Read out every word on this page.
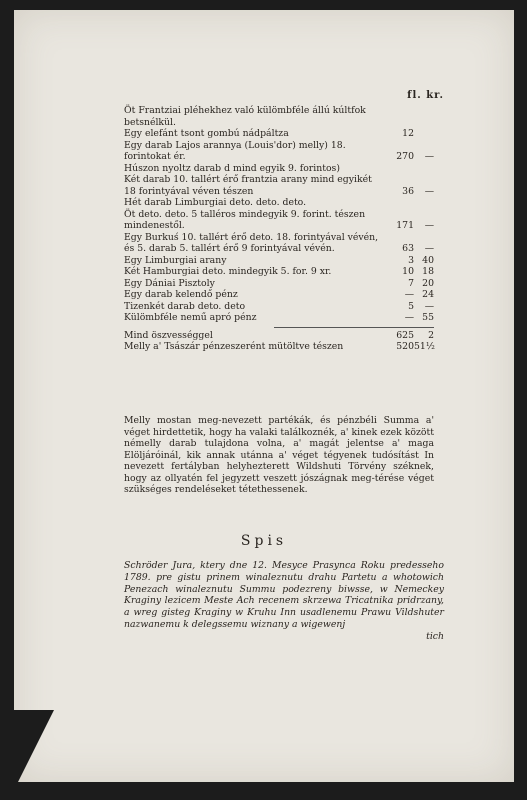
fl. kr.
Öt Frantziai pléhekhez való külömbféle állú kúltfok betsnélkül.
Egy elefánt tsont gombú nádpáltza	12
Egy darab Lajos arannya (Louis'dor) melly) 18. forintokat ér.	270	—
Húszon nyoltz darab d mind egyik 9. forintos)
Két darab 10. tallért érő frantzia arany mind egyikét 18 forintyával véven tészen	36	—
Hét darab Limburgiai deto. deto. deto.
Öt deto. deto. 5 talléros mindegyik 9. forint. tészen mindenestől.	171	—
Egy Burkuś 10. tallért érő deto. 18. forintyával vévén, és 5. darab 5. tallért érő 9 forintyával vévén.	63	—
Egy Limburgiai arany	3 40
Két Hamburgiai deto. mindegyik 5. for. 9 xr.	10 18
Egy Dániai Pisztoly	7 20
Egy darab kelendő pénz	— 24
Tizenkét darab deto. deto	5	—
Külömbféle nemű apró pénz	— 55
Mind öszvességgel	625	2
Melly a' Tsászár pénzeszerént mütöltve tészen	520 51½
Melly mostan meg-nevezett partékák, és pénzbéli Summa a' véget hirdettetik, hogy ha valaki találkoznék, a' kinek ezek között némelly darab tulajdona volna, a' magát jelentse a' maga Elöljáróinál, kik annak utánna a' véget tégyenek tudósítást In nevezett fertályban helyhezterett Wildshuti Törvény széknek, hogy az ollyatén fel jegyzett veszett jószágnak meg-térése véget szükséges rendeléseket tétethessenek.
Spis
Schröder Jura, ktery dne 12. Mesyce Prasynca Roku predesseho 1789. pre gistu prinem winaleznutu drahu Partetu a whotowich Penezach winaleznutu Summu podezreny biwsse, w Nemeckey Kraginy lezicem Meste Ach recenem skrzewa Tricatnika pridrzany, a wreg gisteg Kraginy w Kruhu Inn usadlenemu Prawu Vildshuter nazwanemu k delegssemu wiznany a wigewenj
tich
